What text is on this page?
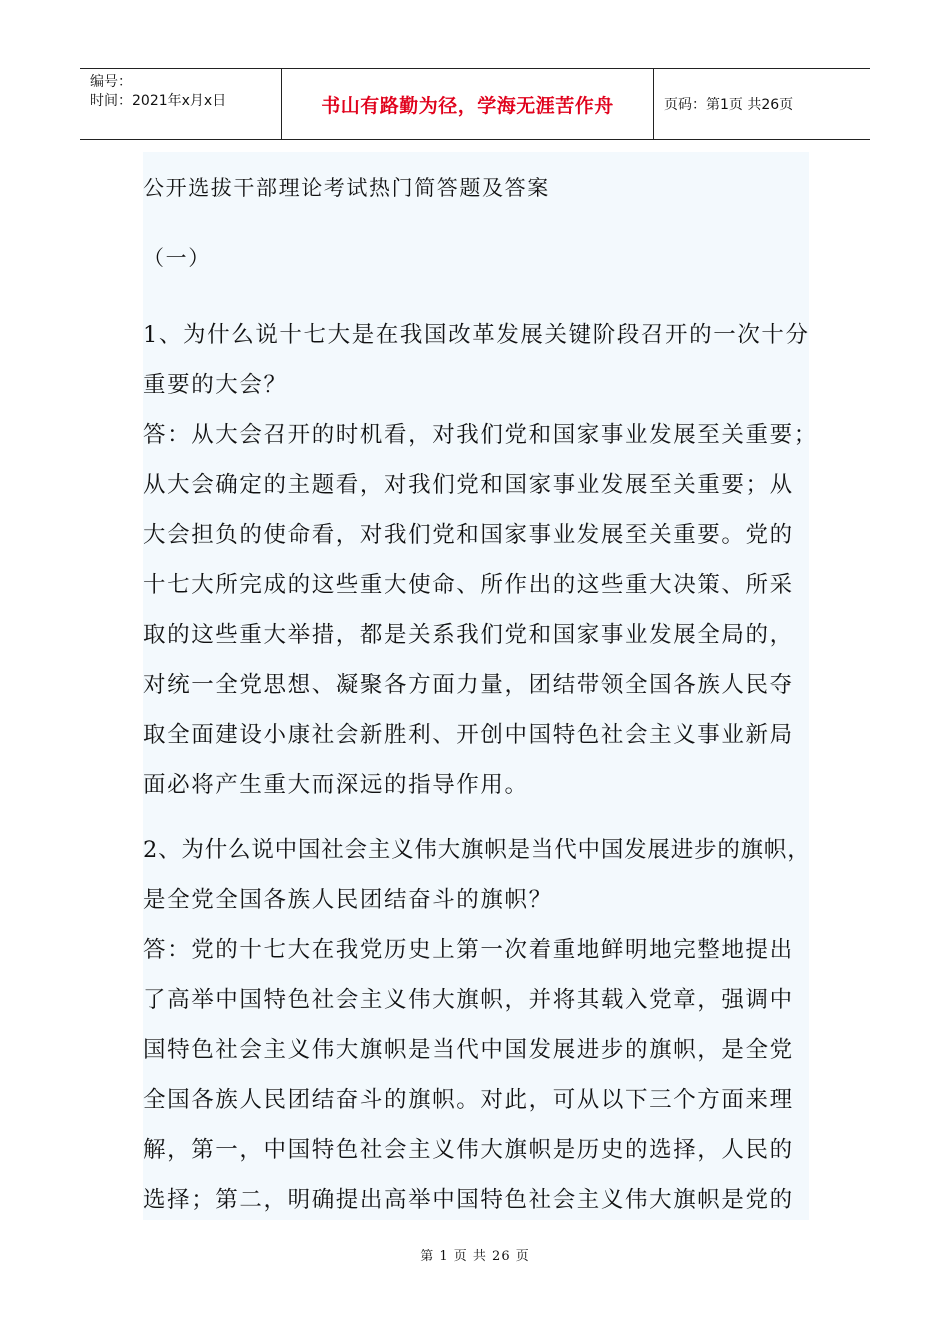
编号：
时间：2021年x月x日	书山有路勤为径，学海无涯苦作舟	页码：第1页 共26页
公开选拔干部理论考试热门简答题及答案
（一）
1、为什么说十七大是在我国改革发展关键阶段召开的一次十分
重要的大会？
答：从大会召开的时机看，对我们党和国家事业发展至关重要；
从大会确定的主题看，对我们党和国家事业发展至关重要；从
大会担负的使命看，对我们党和国家事业发展至关重要。党的
十七大所完成的这些重大使命、所作出的这些重大决策、所采
取的这些重大举措，都是关系我们党和国家事业发展全局的，
对统一全党思想、凝聚各方面力量，团结带领全国各族人民夺
取全面建设小康社会新胜利、开创中国特色社会主义事业新局
面必将产生重大而深远的指导作用。
2、为什么说中国社会主义伟大旗帜是当代中国发展进步的旗帜，
是全党全国各族人民团结奋斗的旗帜？
答：党的十七大在我党历史上第一次着重地鲜明地完整地提出
了高举中国特色社会主义伟大旗帜，并将其载入党章，强调中
国特色社会主义伟大旗帜是当代中国发展进步的旗帜，是全党
全国各族人民团结奋斗的旗帜。对此，可从以下三个方面来理
解，第一，中国特色社会主义伟大旗帜是历史的选择，人民的
选择；第二，明确提出高举中国特色社会主义伟大旗帜是党的
第 1 页 共 26 页
